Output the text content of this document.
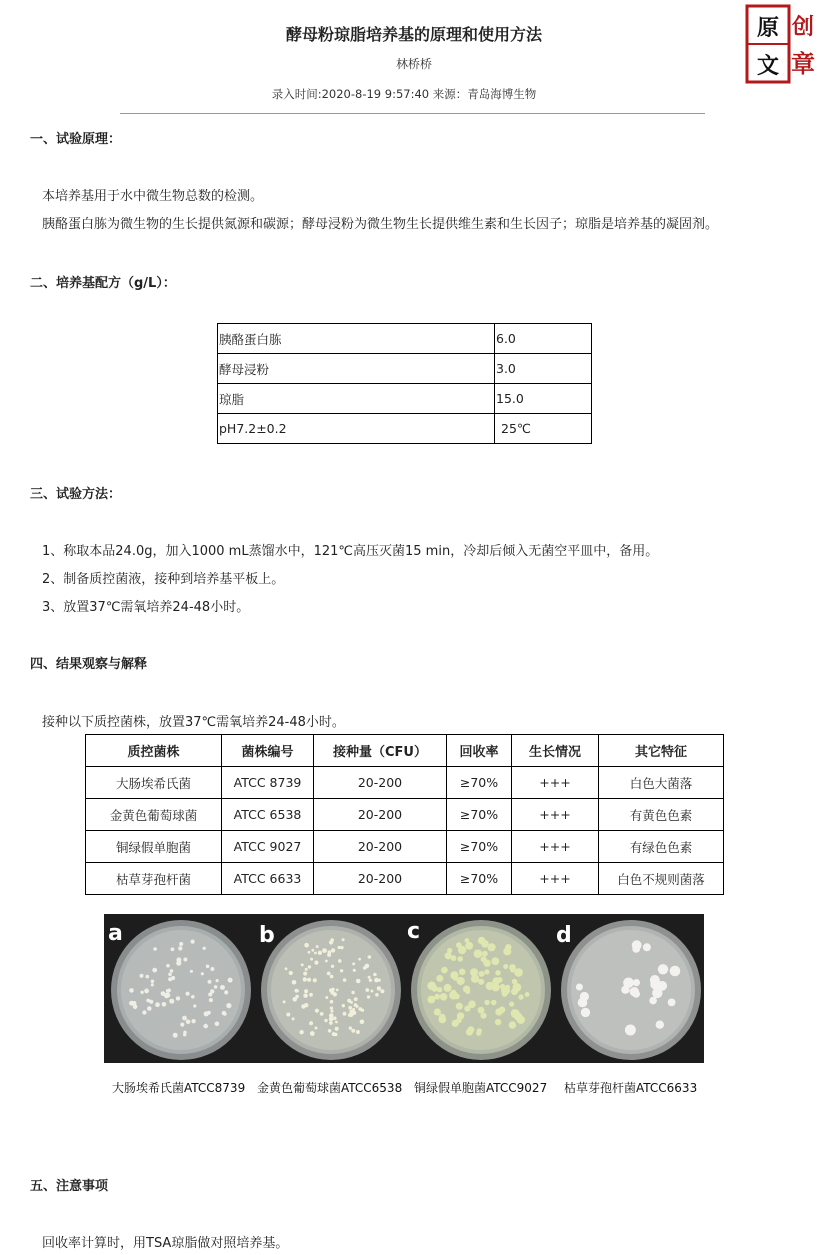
酵母粉琼脂培养基的原理和使用方法
林桥桥
录入时间:2020-8-19 9:57:40 来源：青岛海博生物
原
文
创
章
一、试验原理：
本培养基用于水中微生物总数的检测。
胰酪蛋白胨为微生物的生长提供氮源和碳源；酵母浸粉为微生物生长提供维生素和生长因子；琼脂是培养基的凝固剂。
二、培养基配方（g/L）：
胰酪蛋白胨	6.0
酵母浸粉	3.0
琼脂	15.0
pH7.2±0.2	25℃
三、试验方法：
1、称取本品24.0g，加入1000 mL蒸馏水中，121℃高压灭菌15 min，冷却后倾入无菌空平皿中，备用。
2、制备质控菌液，接种到培养基平板上。
3、放置37℃需氧培养24-48小时。
四、结果观察与解释
接种以下质控菌株，放置37℃需氧培养24-48小时。
质控菌株	菌株编号	接种量（CFU）	回收率	生长情况	其它特征
大肠埃希氏菌	ATCC 8739	20-200	≥70%	+++	白色大菌落
金黄色葡萄球菌	ATCC 6538	20-200	≥70%	+++	有黄色色素
铜绿假单胞菌	ATCC 9027	20-200	≥70%	+++	有绿色色素
枯草芽孢杆菌	ATCC 6633	20-200	≥70%	+++	白色不规则菌落
a	b	c	d
大肠埃希氏菌ATCC8739 金黄色葡萄球菌ATCC6538 铜绿假单胞菌ATCC9027 枯草芽孢杆菌ATCC6633
五、注意事项
回收率计算时，用TSA琼脂做对照培养基。
